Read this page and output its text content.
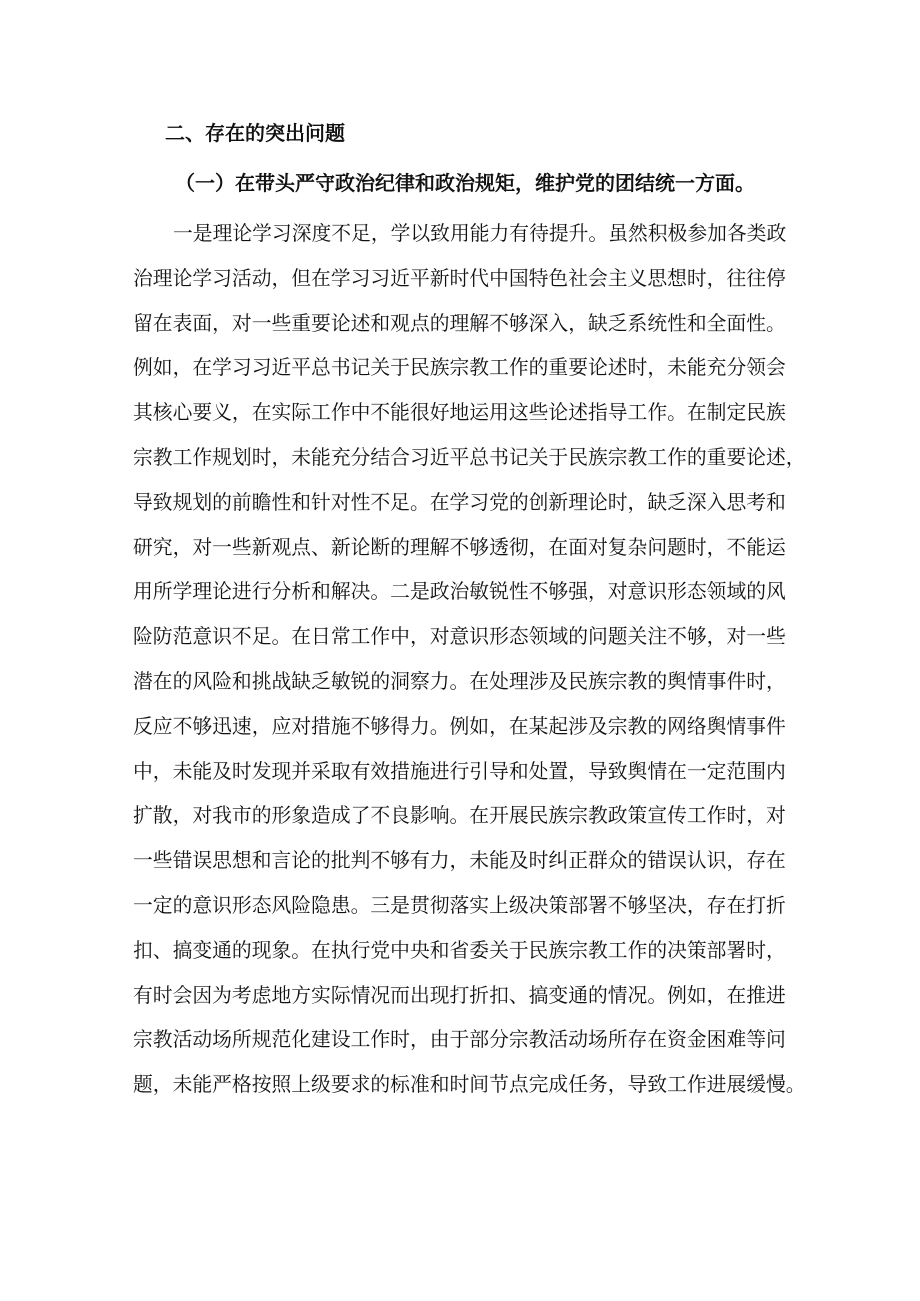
二、存在的突出问题
（一）在带头严守政治纪律和政治规矩，维护党的团结统一方面。
一是理论学习深度不足，学以致用能力有待提升。虽然积极参加各类政
治理论学习活动，但在学习习近平新时代中国特色社会主义思想时，往往停
留在表面，对一些重要论述和观点的理解不够深入，缺乏系统性和全面性。
例如，在学习习近平总书记关于民族宗教工作的重要论述时，未能充分领会
其核心要义，在实际工作中不能很好地运用这些论述指导工作。在制定民族
宗教工作规划时，未能充分结合习近平总书记关于民族宗教工作的重要论述，
导致规划的前瞻性和针对性不足。在学习党的创新理论时，缺乏深入思考和
研究，对一些新观点、新论断的理解不够透彻，在面对复杂问题时，不能运
用所学理论进行分析和解决。二是政治敏锐性不够强，对意识形态领域的风
险防范意识不足。在日常工作中，对意识形态领域的问题关注不够，对一些
潜在的风险和挑战缺乏敏锐的洞察力。在处理涉及民族宗教的舆情事件时，
反应不够迅速，应对措施不够得力。例如，在某起涉及宗教的网络舆情事件
中，未能及时发现并采取有效措施进行引导和处置，导致舆情在一定范围内
扩散，对我市的形象造成了不良影响。在开展民族宗教政策宣传工作时，对
一些错误思想和言论的批判不够有力，未能及时纠正群众的错误认识，存在
一定的意识形态风险隐患。三是贯彻落实上级决策部署不够坚决，存在打折
扣、搞变通的现象。在执行党中央和省委关于民族宗教工作的决策部署时，
有时会因为考虑地方实际情况而出现打折扣、搞变通的情况。例如，在推进
宗教活动场所规范化建设工作时，由于部分宗教活动场所存在资金困难等问
题，未能严格按照上级要求的标准和时间节点完成任务，导致工作进展缓慢。
